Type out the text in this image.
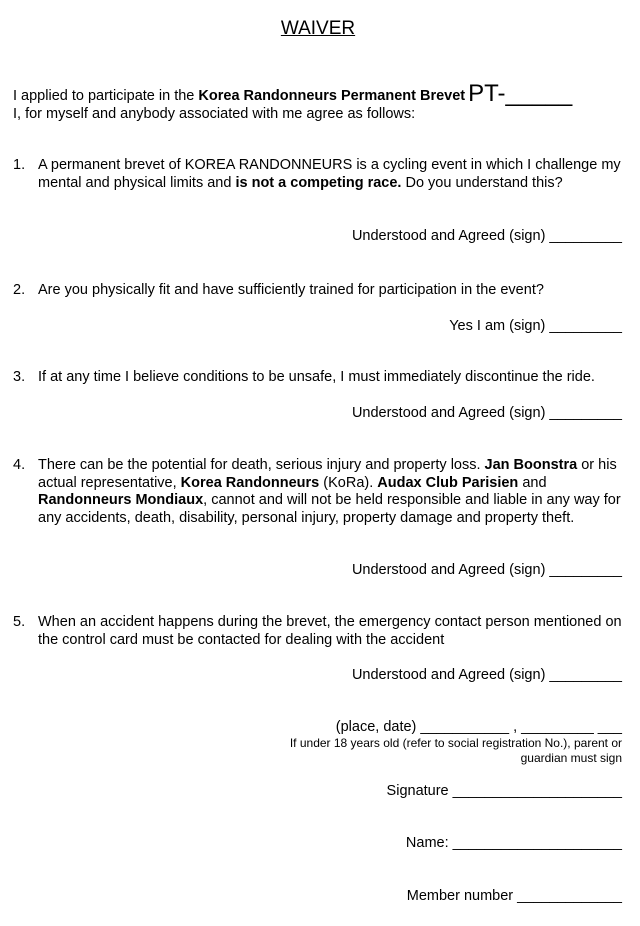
WAIVER
I applied to participate in the Korea Randonneurs Permanent Brevet PT-_____
I, for myself and anybody associated with me agree as follows:
1. A permanent brevet of KOREA RANDONNEURS is a cycling event in which I challenge my mental and physical limits and is not a competing race. Do you understand this?
Understood and Agreed (sign) _________
2. Are you physically fit and have sufficiently trained for participation in the event?
Yes I am (sign) _________
3. If at any time I believe conditions to be unsafe, I must immediately discontinue the ride.
Understood and Agreed (sign) _________
4. There can be the potential for death, serious injury and property loss. Jan Boonstra or his actual representative, Korea Randonneurs (KoRa). Audax Club Parisien and Randonneurs Mondiaux, cannot and will not be held responsible and liable in any way for any accidents, death, disability, personal injury, property damage and property theft.
Understood and Agreed (sign) _________
5. When an accident happens during the brevet, the emergency contact person mentioned on the control card must be contacted for dealing with the accident
Understood and Agreed (sign) _________
(place, date) ___________ , _________ ___
If under 18 years old (refer to social registration No.), parent or guardian must sign
Signature _____________________
Name: _____________________
Member number _____________
